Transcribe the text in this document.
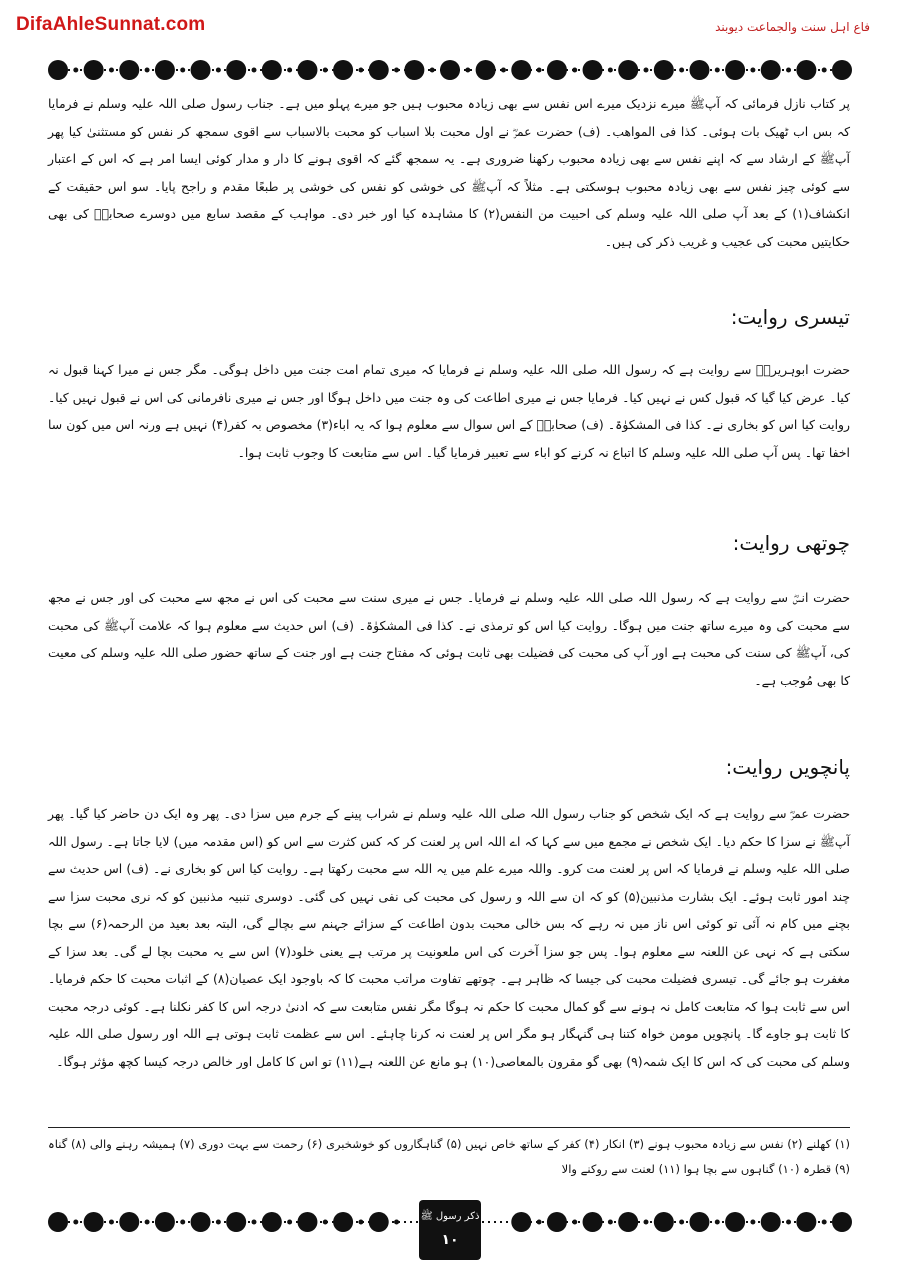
DifaAhleSunnat.com	فاع اہل سنت والجماعت دیوبند

پر کتاب نازل فرمائی کہ آپﷺ میرے نزدیک میرے اس نفس سے بھی زیادہ محبوب ہیں جو میرے پہلو میں ہے۔ جناب رسول صلی اللہ علیہ وسلم نے فرمایا کہ بس اب ٹھیک بات ہوئی۔ کذا فی المواھب۔ (ف) حضرت عمرؓ نے اول محبت بلا اسباب کو محبت بالاسباب سے اقوی سمجھ کر نفس کو مستثنیٰ کیا پھر آپﷺ کے ارشاد سے کہ اپنے نفس سے بھی زیادہ محبوب رکھنا ضروری ہے۔ یہ سمجھ گئے کہ اقوی ہونے کا دار و مدار کوئی ایسا امر ہے کہ اس کے اعتبار سے کوئی چیز نفس سے بھی زیادہ محبوب ہوسکتی ہے۔ مثلاً کہ آپﷺ کی خوشی کو نفس کی خوشی پر طبعًا مقدم و راجح پایا۔ سو اس حقیقت کے انکشاف(۱) کے بعد آپ صلی اللہ علیہ وسلم کی احبیت من النفس(۲) کا مشاہدہ کیا اور خبر دی۔ مواہب کے مقصد سابع میں دوسرے صحابہؓ کی بھی حکایتیں محبت کی عجیب و غریب ذکر کی ہیں۔

تیسری روایت:

حضرت ابوہریرہؓ سے روایت ہے کہ رسول اللہ صلی اللہ علیہ وسلم نے فرمایا کہ میری تمام امت جنت میں داخل ہوگی۔ مگر جس نے میرا کہنا قبول نہ کیا۔ عرض کیا گیا کہ قبول کس نے نہیں کیا۔ فرمایا جس نے میری اطاعت کی وہ جنت میں داخل ہوگا اور جس نے میری نافرمانی کی اس نے قبول نہیں کیا۔ روایت کیا اس کو بخاری نے۔ کذا فی المشکوٰۃ۔ (ف) صحابہؓ کے اس سوال سے معلوم ہوا کہ یہ اباء(۳) مخصوص بہ کفر(۴) نہیں ہے ورنہ اس میں کون سا اخفا تھا۔ پس آپ صلی اللہ علیہ وسلم کا اتباع نہ کرنے کو اباء سے تعبیر فرمایا گیا۔ اس سے متابعت کا وجوب ثابت ہوا۔

چوتھی روایت:

حضرت انسؓ سے روایت ہے کہ رسول اللہ صلی اللہ علیہ وسلم نے فرمایا۔ جس نے میری سنت سے محبت کی اس نے مجھ سے محبت کی اور جس نے مجھ سے محبت کی وہ میرے ساتھ جنت میں ہوگا۔ روایت کیا اس کو ترمذی نے۔ کذا فی المشکوٰۃ۔ (ف) اس حدیث سے معلوم ہوا کہ علامت آپﷺ کی محبت کی، آپﷺ کی سنت کی محبت ہے اور آپ کی محبت کی فضیلت بھی ثابت ہوئی کہ مفتاح جنت ہے اور جنت کے ساتھ حضور صلی اللہ علیہ وسلم کی معیت کا بھی مُوجب ہے۔

پانچویں روایت:

حضرت عمرؓ سے روایت ہے کہ ایک شخص کو جناب رسول اللہ صلی اللہ علیہ وسلم نے شراب پینے کے جرم میں سزا دی۔ پھر وہ ایک دن حاضر کیا گیا۔ پھر آپﷺ نے سزا کا حکم دیا۔ ایک شخص نے مجمع میں سے کہا کہ اے اللہ اس پر لعنت کر کہ کس کثرت سے اس کو (اس مقدمہ میں) لایا جاتا ہے۔ رسول اللہ صلی اللہ علیہ وسلم نے فرمایا کہ اس پر لعنت مت کرو۔ واللہ میرے علم میں یہ اللہ سے محبت رکھتا ہے۔ روایت کیا اس کو بخاری نے۔ (ف) اس حدیث سے چند امور ثابت ہوئے۔ ایک بشارت مذنبین(۵) کو کہ ان سے اللہ و رسول کی محبت کی نفی نہیں کی گئی۔ دوسری تنبیہ مذنبین کو کہ نری محبت سزا سے بچنے میں کام نہ آئی تو کوئی اس ناز میں نہ رہے کہ بس خالی محبت بدون اطاعت کے سزائے جہنم سے بچالے گی، البتہ بعد بعید من الرحمہ(۶) سے بچا سکتی ہے کہ نہی عن اللعنہ سے معلوم ہوا۔ پس جو سزا آخرت کی اس ملعونیت پر مرتب ہے یعنی خلود(۷) اس سے یہ محبت بچا لے گی۔ بعد سزا کے مغفرت ہو جائے گی۔ تیسری فضیلت محبت کی جیسا کہ ظاہر ہے۔ چوتھے تفاوت مراتب محبت کا کہ باوجود ایک عصیان(۸) کے اثبات محبت کا حکم فرمایا۔ اس سے ثابت ہوا کہ متابعت کامل نہ ہونے سے گو کمال محبت کا حکم نہ ہوگا مگر نفس متابعت سے کہ ادنیٰ درجہ اس کا کفر نکلنا ہے۔ کوئی درجہ محبت کا ثابت ہو جاوے گا۔ پانچویں مومن خواہ کتنا ہی گنہگار ہو مگر اس پر لعنت نہ کرنا چاہئے۔ اس سے عظمت ثابت ہوتی ہے اللہ اور رسول صلی اللہ علیہ وسلم کی محبت کی کہ اس کا ایک شمہ(۹) بھی گو مقرون بالمعاصی(۱۰) ہو مانع عن اللعنہ ہے(۱۱) تو اس کا کامل اور خالص درجہ کیسا کچھ مؤثر ہوگا۔

(۱) کھلنے (۲) نفس سے زیادہ محبوب ہونے (۳) انکار (۴) کفر کے ساتھ خاص نہیں (۵) گناہگاروں کو خوشخبری (۶) رحمت سے بہت دوری (۷) ہمیشہ رہنے والی (۸) گناہ (۹) قطرہ (۱۰) گناہوں سے بچا ہوا (۱۱) لعنت سے روکنے والا

ذکر رسول ﷺ
۱۰
